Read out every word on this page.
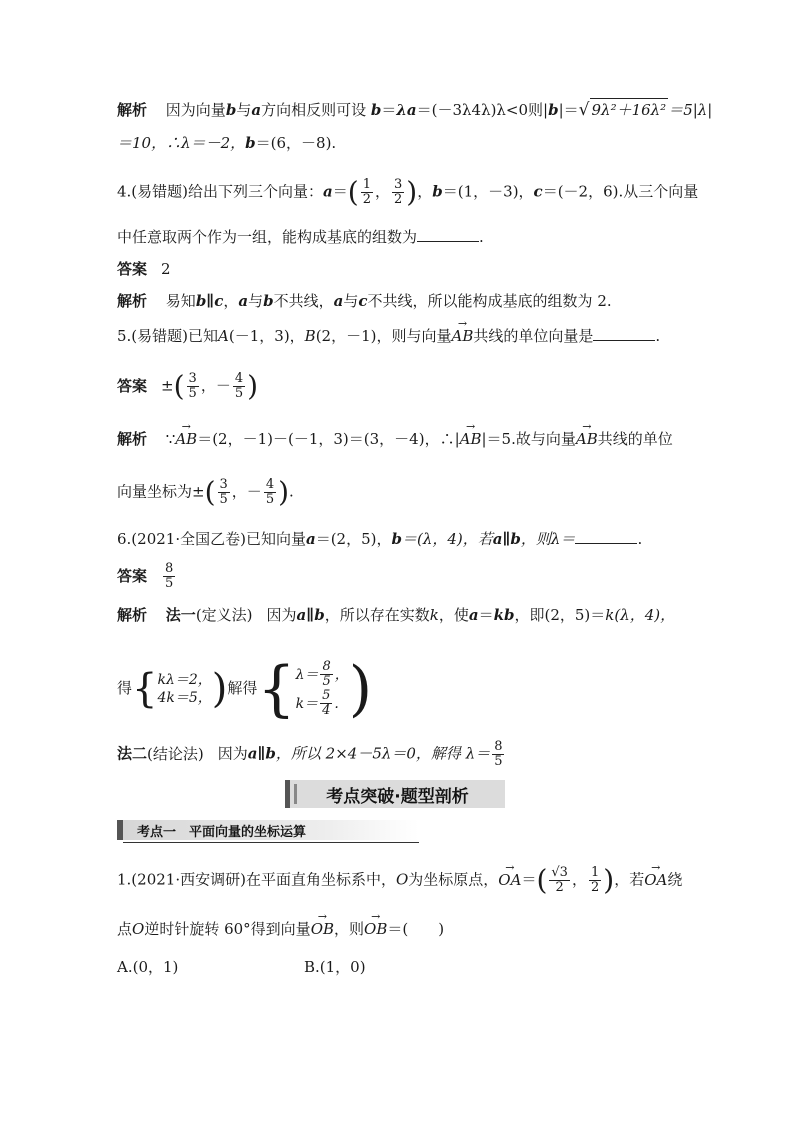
解析 因为向量b与a方向相反则可设 b＝λa＝(－3λ4λ)λ<0则|b|＝√ 9λ²＋16λ² ＝5|λ|
＝10，∴λ＝－2，b＝(6，－8).
4.(易错题)给出下列三个向量：$a=( \frac{1}{2}$ ， $\frac{3}{2}$ )，b＝(1，－3)，c＝(－2，6).从三个向量
中任意取两个作为一组，能构成基底的组数为	.
答案 2
解析 易知b∥c，a与b不共线，a与c不共线，所以能构成基底的组数为 2.
5.(易错题)已知A(－1，3)，B(2，－1)，则与向量→ AB共线的单位向量是	.
答案 ±( $\frac{3}{5}$ ，－ $\frac{4}{5}$ )
解析 ∵→ AB＝(2，－1)－(－1，3)＝(3，－4)，∴|→ AB|＝5.故与向量→ AB共线的单位
向量坐标为±( $\frac{3}{5}$ ，－ $\frac{4}{5}$ ).
6.(2021·全国乙卷)已知向量a＝(2，5)，b＝(λ，4)，若a∥b，则λ＝	.
答案 $\frac{8}{5}$
解析 法一(定义法) 因为a∥b，所以存在实数k，使a＝kb，即(2，5)＝k(λ，4)，
得{ kλ＝2，
4k＝5， )解得{ $\lambda= \frac{8}{5}$ ，
$k= \frac{5}{4}$ . )
法二(结论法) 因为a∥b，所以 2×4－5λ＝0，解得 $\lambda= \frac{8}{5}$
考点突破·题型剖析
考点一　平面向量的坐标运算
1.(2021·西安调研)在平面直角坐标系中，O为坐标原点，→ $OA=( \frac{√3}{2}$ ， $\frac{1}{2}$ )，若→ OA绕
点O逆时针旋转 60°得到向量→ OB，则→ OB＝(　　)
A.(0，1)	B.(1，0)
